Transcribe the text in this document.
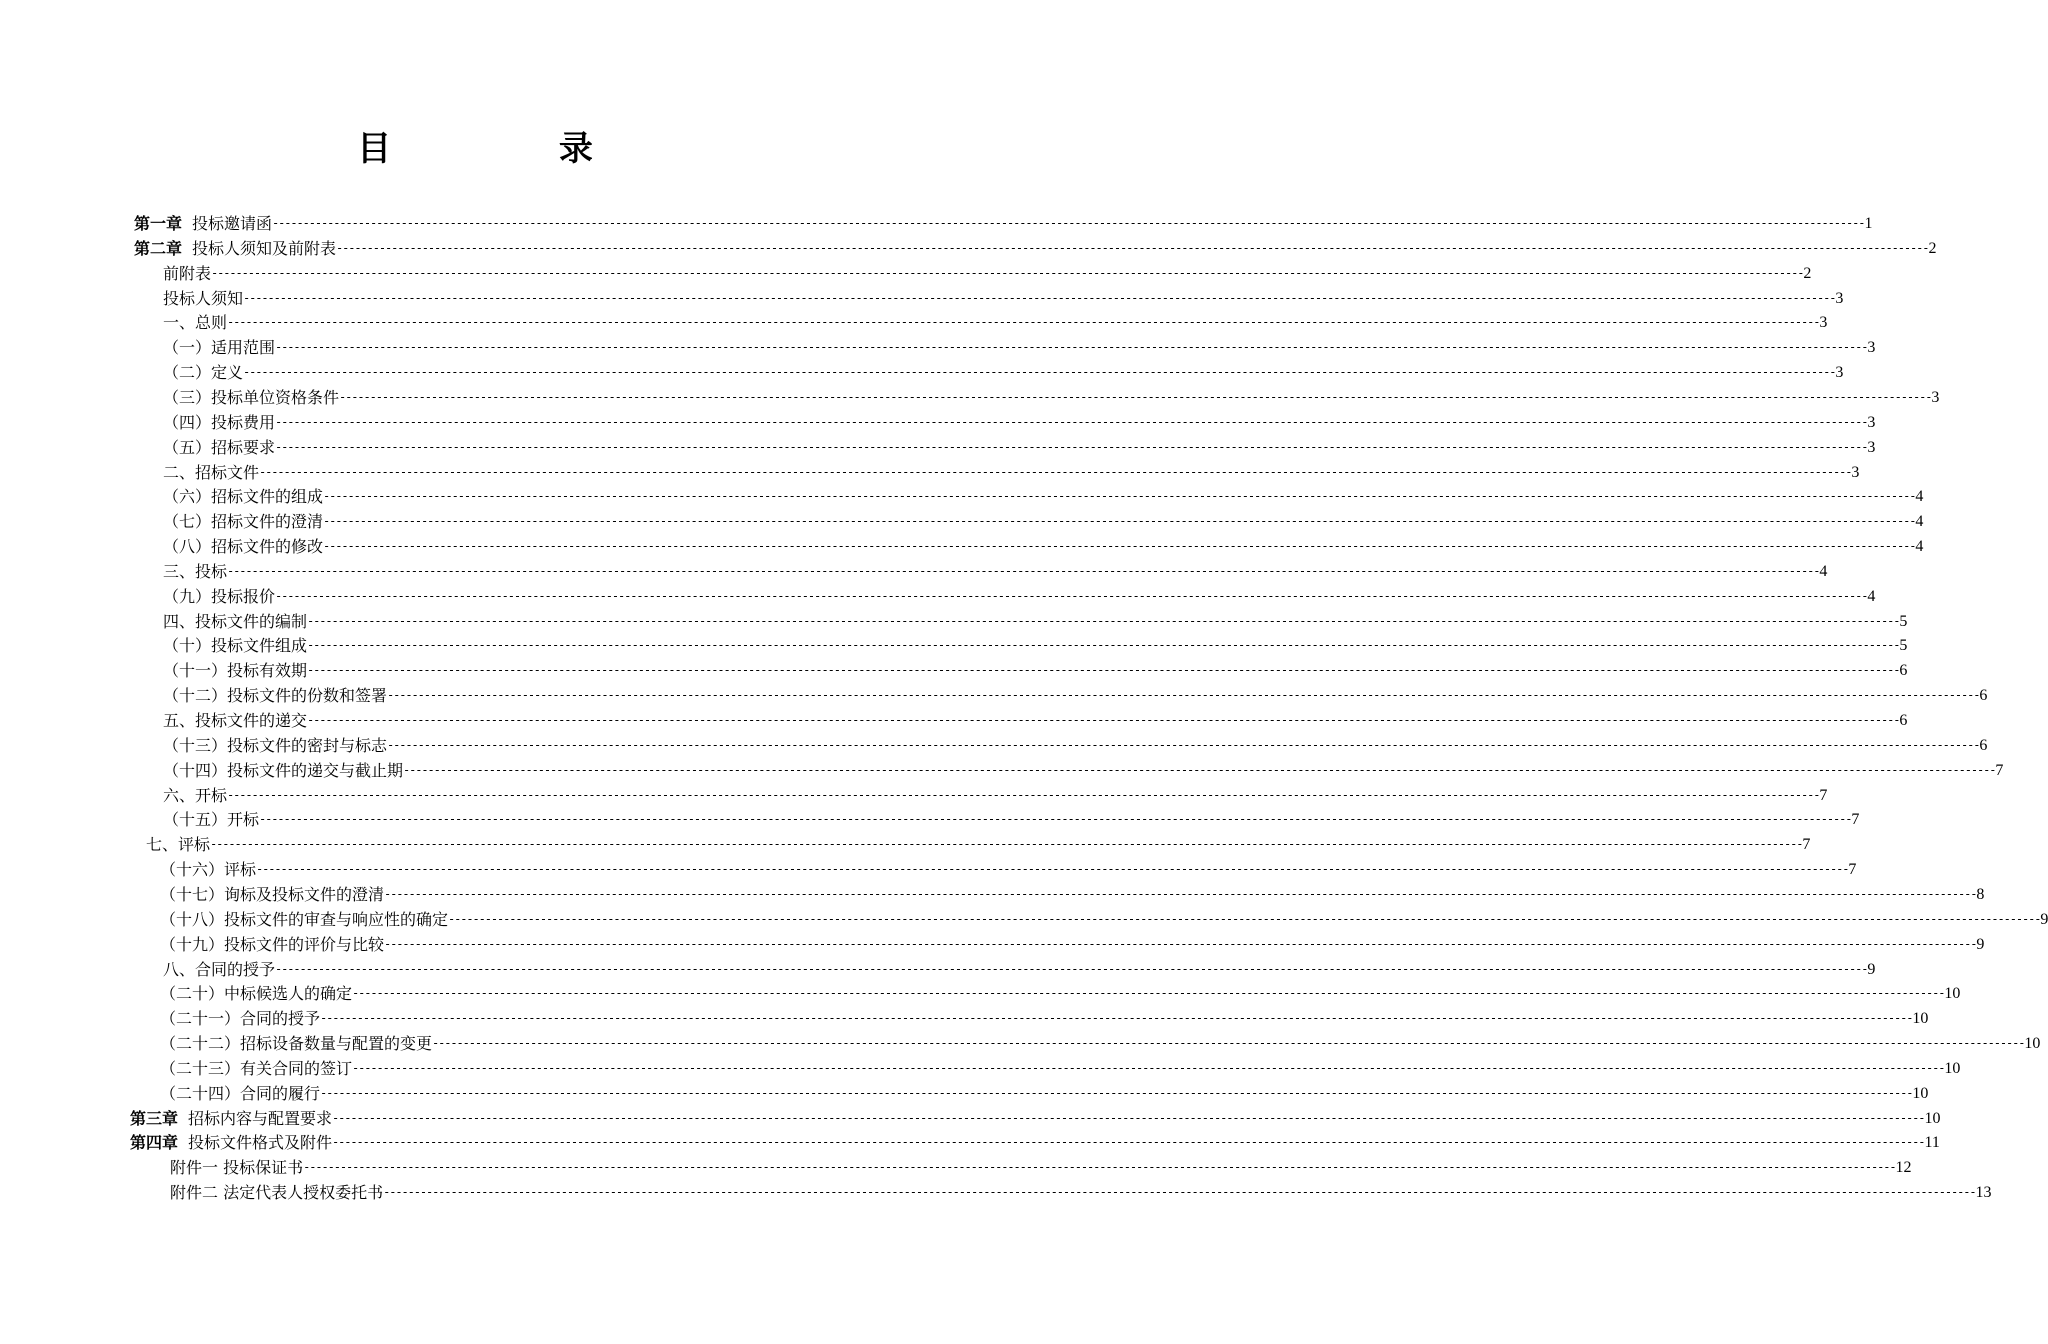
目 录
第一章 投标邀请函 -------------------------------------------------------------------------------------------------------------------------------------------------------------------------------------------------------------------------------------------------------------------- 1
第二章 投标人须知及前附表 -------------------------------------------------------------------------------------------------------------------------------------------------------------------------------------------------------------------------------------------------------------------- 2
前附表 -------------------------------------------------------------------------------------------------------------------------------------------------------------------------------------------------------------------------------------------------------------------- 2
投标人须知 -------------------------------------------------------------------------------------------------------------------------------------------------------------------------------------------------------------------------------------------------------------------- 3
一、总则 -------------------------------------------------------------------------------------------------------------------------------------------------------------------------------------------------------------------------------------------------------------------- 3
（一）适用范围 -------------------------------------------------------------------------------------------------------------------------------------------------------------------------------------------------------------------------------------------------------------------- 3
（二）定义 -------------------------------------------------------------------------------------------------------------------------------------------------------------------------------------------------------------------------------------------------------------------- 3
（三）投标单位资格条件 -------------------------------------------------------------------------------------------------------------------------------------------------------------------------------------------------------------------------------------------------------------------- 3
（四）投标费用 -------------------------------------------------------------------------------------------------------------------------------------------------------------------------------------------------------------------------------------------------------------------- 3
（五）招标要求 -------------------------------------------------------------------------------------------------------------------------------------------------------------------------------------------------------------------------------------------------------------------- 3
二、招标文件 -------------------------------------------------------------------------------------------------------------------------------------------------------------------------------------------------------------------------------------------------------------------- 3
（六）招标文件的组成 -------------------------------------------------------------------------------------------------------------------------------------------------------------------------------------------------------------------------------------------------------------------- 4
（七）招标文件的澄清 -------------------------------------------------------------------------------------------------------------------------------------------------------------------------------------------------------------------------------------------------------------------- 4
（八）招标文件的修改 -------------------------------------------------------------------------------------------------------------------------------------------------------------------------------------------------------------------------------------------------------------------- 4
三、投标 -------------------------------------------------------------------------------------------------------------------------------------------------------------------------------------------------------------------------------------------------------------------- 4
（九）投标报价 -------------------------------------------------------------------------------------------------------------------------------------------------------------------------------------------------------------------------------------------------------------------- 4
四、投标文件的编制 -------------------------------------------------------------------------------------------------------------------------------------------------------------------------------------------------------------------------------------------------------------------- 5
（十）投标文件组成 -------------------------------------------------------------------------------------------------------------------------------------------------------------------------------------------------------------------------------------------------------------------- 5
（十一）投标有效期 -------------------------------------------------------------------------------------------------------------------------------------------------------------------------------------------------------------------------------------------------------------------- 6
（十二）投标文件的份数和签署 -------------------------------------------------------------------------------------------------------------------------------------------------------------------------------------------------------------------------------------------------------------------- 6
五、投标文件的递交 -------------------------------------------------------------------------------------------------------------------------------------------------------------------------------------------------------------------------------------------------------------------- 6
（十三）投标文件的密封与标志 -------------------------------------------------------------------------------------------------------------------------------------------------------------------------------------------------------------------------------------------------------------------- 6
（十四）投标文件的递交与截止期 -------------------------------------------------------------------------------------------------------------------------------------------------------------------------------------------------------------------------------------------------------------------- 7
六、开标 -------------------------------------------------------------------------------------------------------------------------------------------------------------------------------------------------------------------------------------------------------------------- 7
（十五）开标 -------------------------------------------------------------------------------------------------------------------------------------------------------------------------------------------------------------------------------------------------------------------- 7
七、评标 -------------------------------------------------------------------------------------------------------------------------------------------------------------------------------------------------------------------------------------------------------------------- 7
（十六）评标 -------------------------------------------------------------------------------------------------------------------------------------------------------------------------------------------------------------------------------------------------------------------- 7
（十七）询标及投标文件的澄清 -------------------------------------------------------------------------------------------------------------------------------------------------------------------------------------------------------------------------------------------------------------------- 8
（十八）投标文件的审查与响应性的确定 -------------------------------------------------------------------------------------------------------------------------------------------------------------------------------------------------------------------------------------------------------------------- 9
（十九）投标文件的评价与比较 -------------------------------------------------------------------------------------------------------------------------------------------------------------------------------------------------------------------------------------------------------------------- 9
八、合同的授予 -------------------------------------------------------------------------------------------------------------------------------------------------------------------------------------------------------------------------------------------------------------------- 9
（二十）中标候选人的确定 -------------------------------------------------------------------------------------------------------------------------------------------------------------------------------------------------------------------------------------------------------------------- 10
（二十一）合同的授予 -------------------------------------------------------------------------------------------------------------------------------------------------------------------------------------------------------------------------------------------------------------------- 10
（二十二）招标设备数量与配置的变更 -------------------------------------------------------------------------------------------------------------------------------------------------------------------------------------------------------------------------------------------------------------------- 10
（二十三）有关合同的签订 -------------------------------------------------------------------------------------------------------------------------------------------------------------------------------------------------------------------------------------------------------------------- 10
（二十四）合同的履行 -------------------------------------------------------------------------------------------------------------------------------------------------------------------------------------------------------------------------------------------------------------------- 10
第三章 招标内容与配置要求 -------------------------------------------------------------------------------------------------------------------------------------------------------------------------------------------------------------------------------------------------------------------- 10
第四章 投标文件格式及附件 -------------------------------------------------------------------------------------------------------------------------------------------------------------------------------------------------------------------------------------------------------------------- 11
附件一 投标保证书 -------------------------------------------------------------------------------------------------------------------------------------------------------------------------------------------------------------------------------------------------------------------- 12
附件二 法定代表人授权委托书 -------------------------------------------------------------------------------------------------------------------------------------------------------------------------------------------------------------------------------------------------------------------- 13
